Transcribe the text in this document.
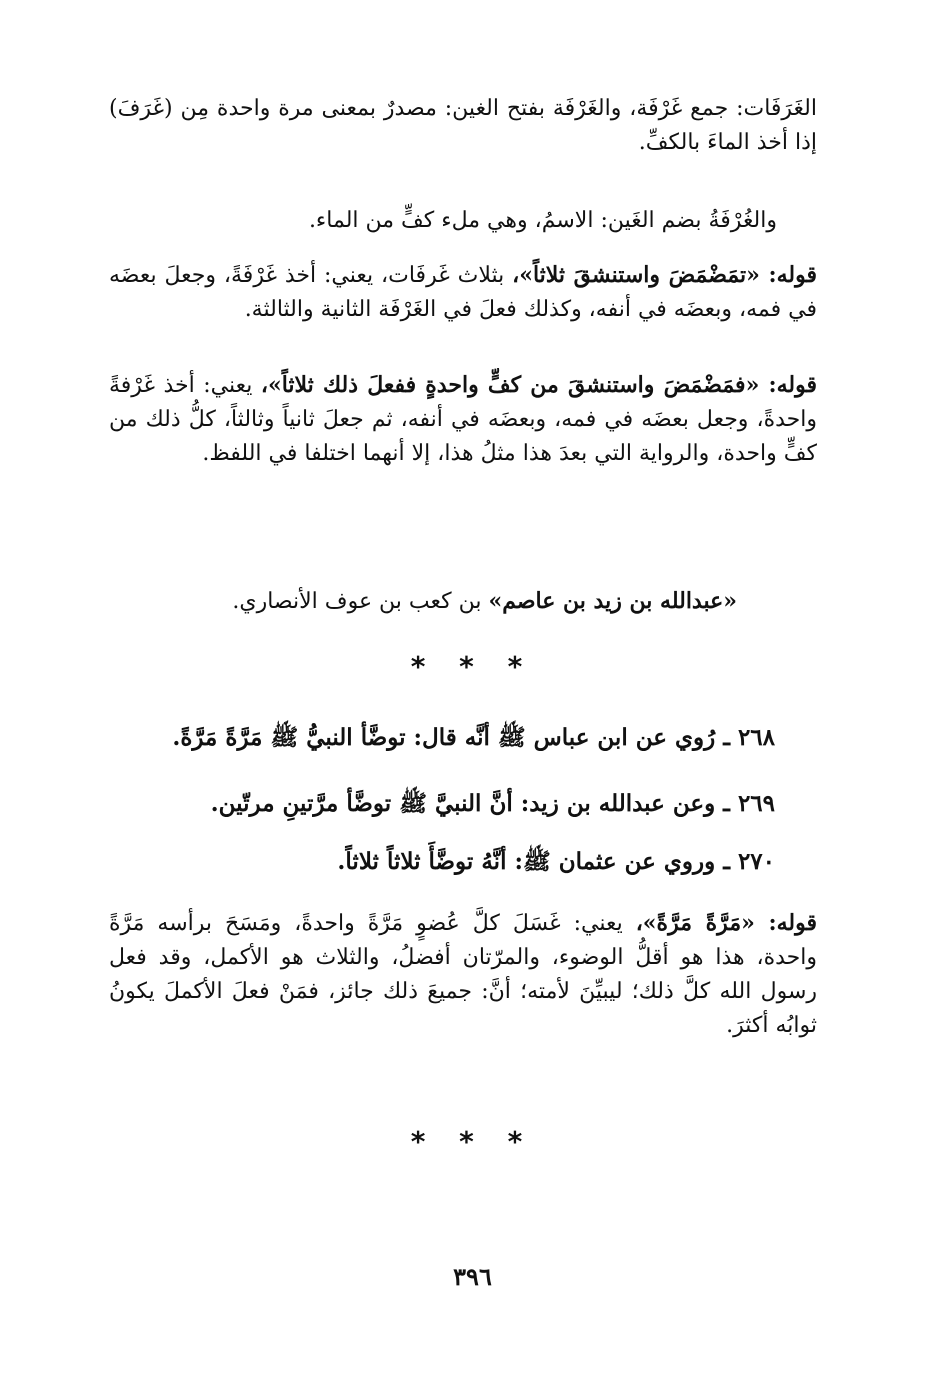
الغَرَفَات: جمع غَرْفَة، والغَرْفَة بفتح الغين: مصدرٌ بمعنى مرة واحدة مِن (غَرَفَ) إذا أخذ الماءَ بالكفِّ.

والغُرْفَةُ بضم الغَين: الاسمُ، وهي ملء كفٍّ من الماء.

قوله: «تمَضْمَضَ واستنشقَ ثلاثاً»، بثلاث غَرفَات، يعني: أخذ غَرْفَةً، وجعلَ بعضَه في فمه، وبعضَه في أنفه، وكذلك فعلَ في الغَرْفَة الثانية والثالثة.

قوله: «فمَضْمَضَ واستنشقَ من كفٍّ واحدةٍ ففعلَ ذلك ثلاثاً»، يعني: أخذ غَرْفةً واحدةً، وجعل بعضَه في فمه، وبعضَه في أنفه، ثم جعلَ ثانياً وثالثاً، كلُّ ذلك من كفٍّ واحدة، والرواية التي بعدَ هذا مثلُ هذا، إلا أنهما اختلفا في اللفظ.

«عبدالله بن زيد بن عاصم» بن كعب بن عوف الأنصاري.

* * *

٢٦٨ ـ رُوي عن ابن عباس ﷺ أنَّه قال: توضَّأ النبيُّ ﷺ مَرَّةً مَرَّةً.

٢٦٩ ـ وعن عبدالله بن زيد: أنَّ النبيَّ ﷺ توضَّأ مرَّتينِ مرتّين.

٢٧٠ ـ وروي عن عثمان ﷺ: أنَّهُ توضَّأَ ثلاثاً ثلاثاً.

قوله: «مَرَّةً مَرَّةً»، يعني: غَسَلَ كلَّ عُضوٍ مَرَّةً واحدةً، ومَسَحَ برأسه مَرَّةً واحدة، هذا هو أقلُّ الوضوء، والمرّتان أفضلُ، والثلاث هو الأكمل، وقد فعل رسول الله كلَّ ذلك؛ ليبيِّنَ لأمته؛ أنَّ: جميعَ ذلك جائز، فمَنْ فعلَ الأكملَ يكونُ ثوابُه أكثرَ.

* * *
٣٩٦
